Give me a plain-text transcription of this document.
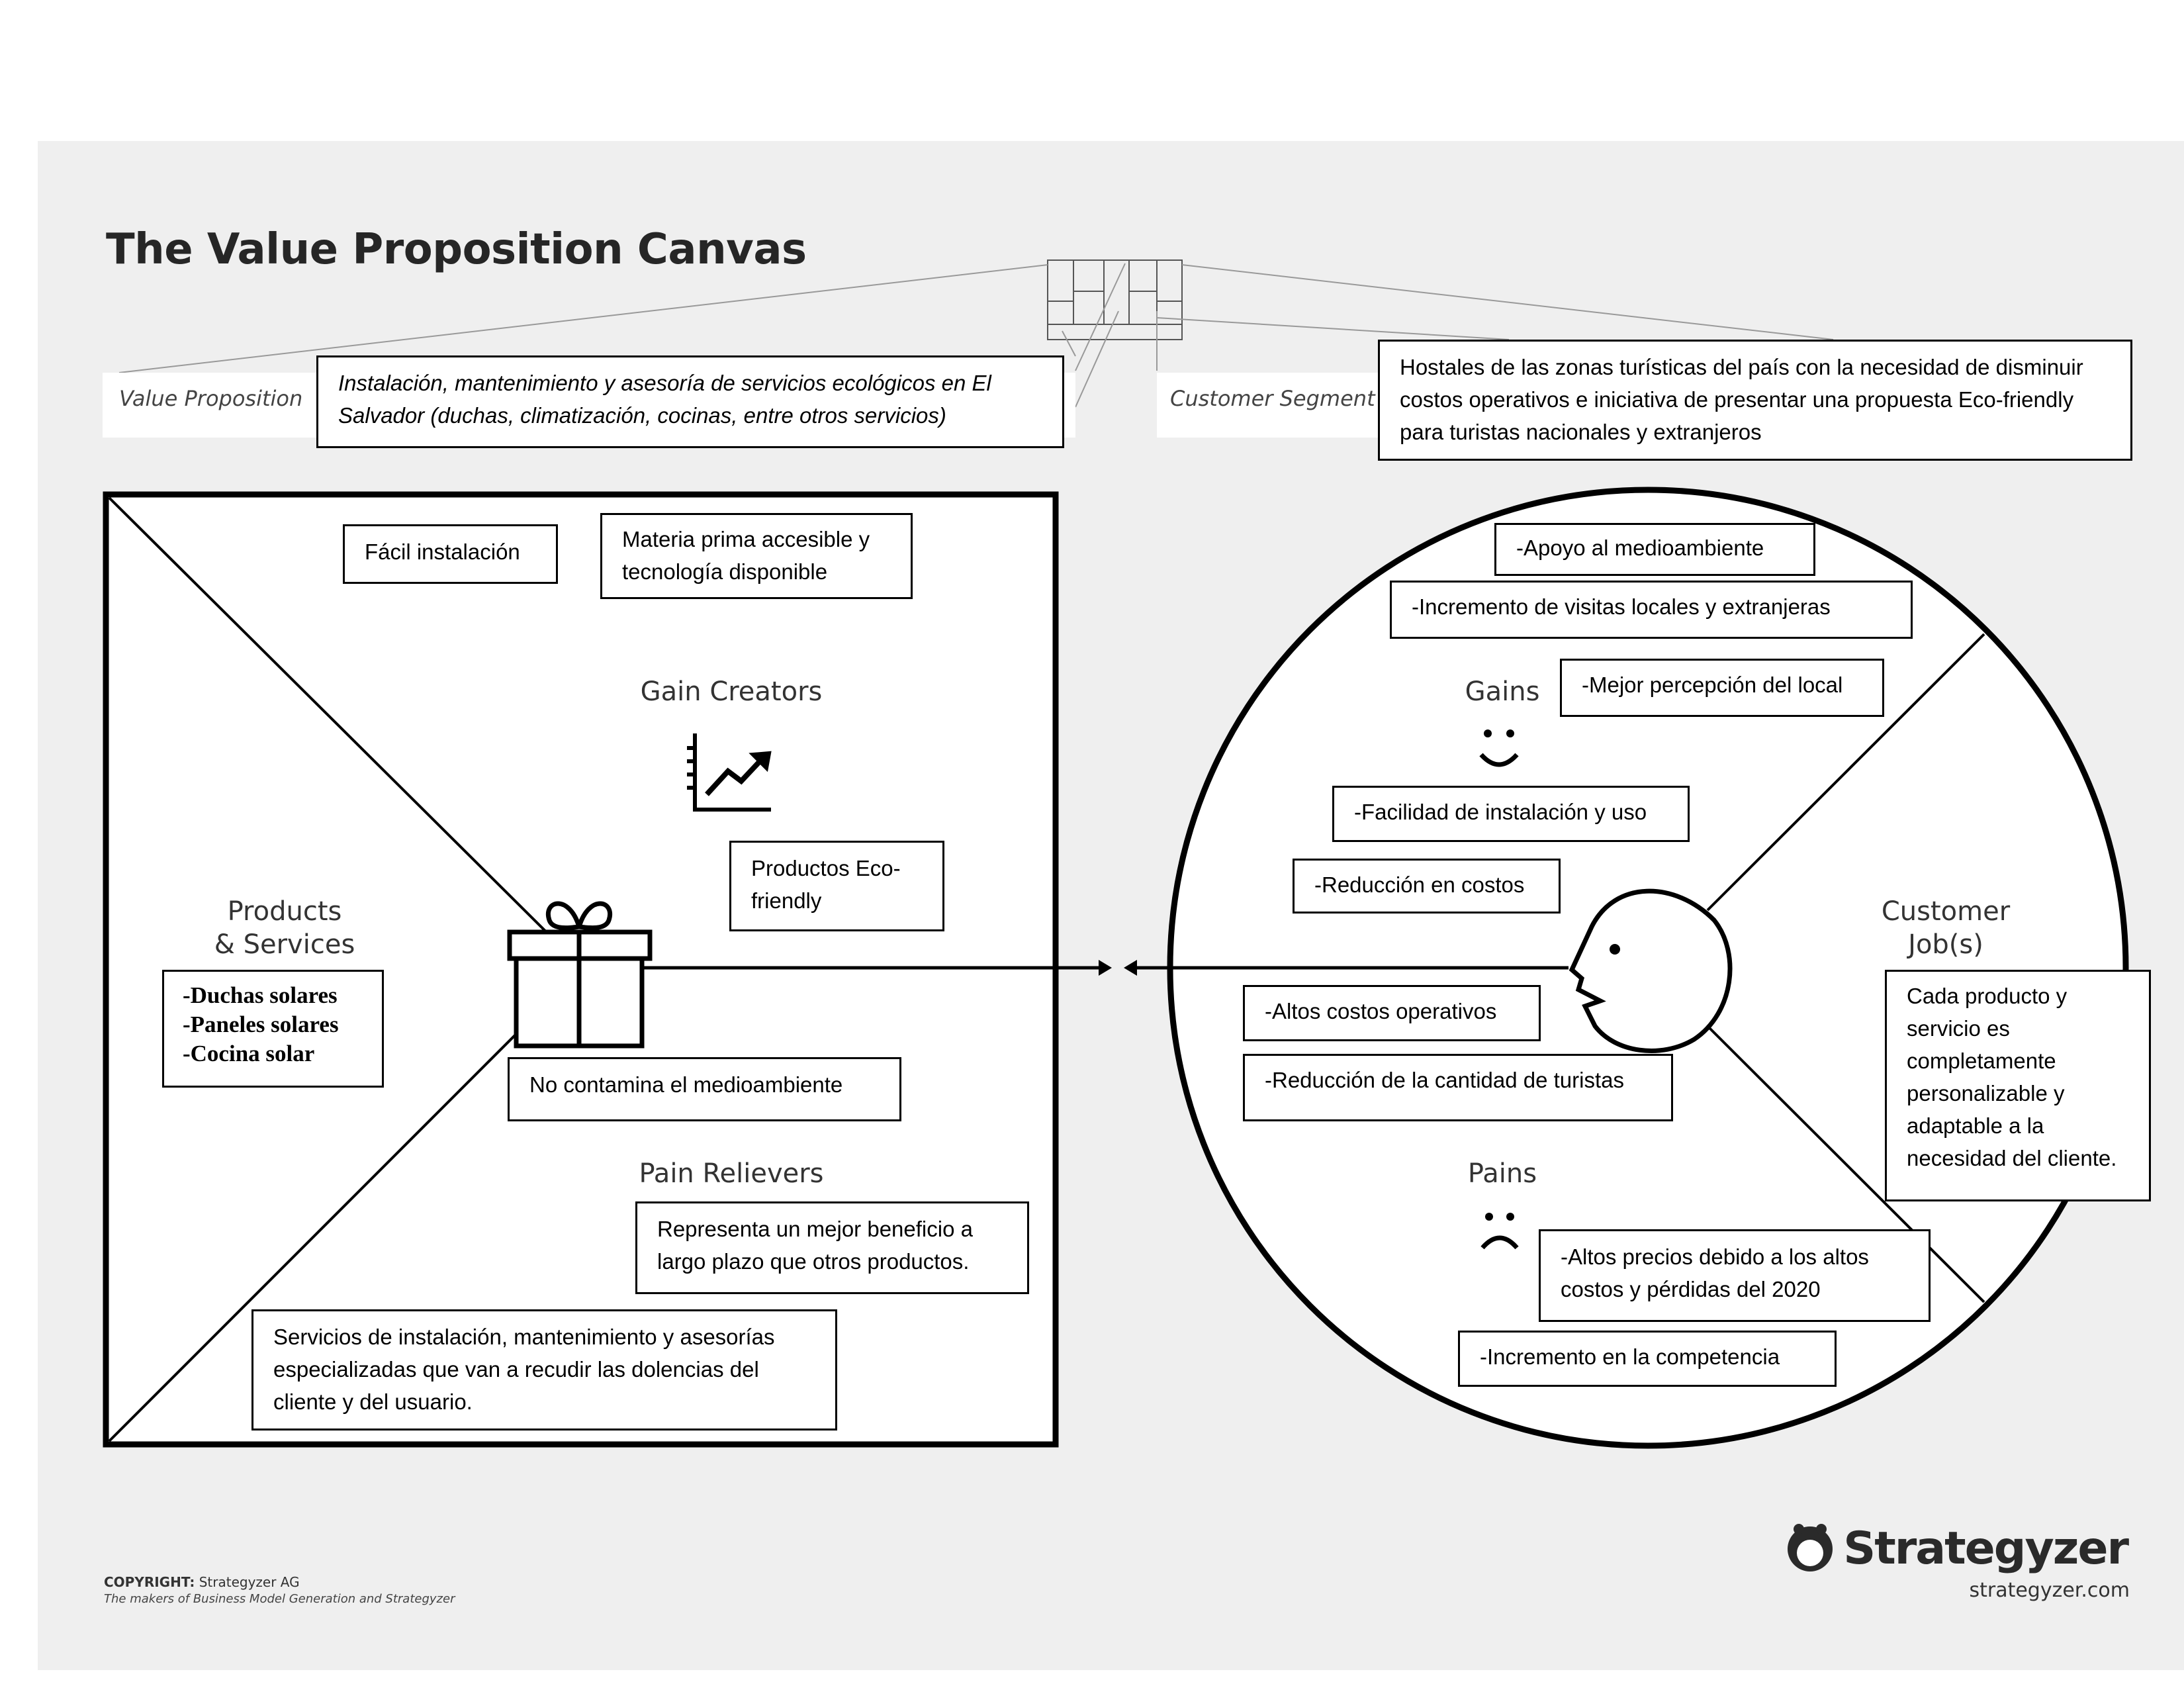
The Value Proposition Canvas
Value Proposition
Instalación, mantenimiento y asesoría de servicios ecológicos en El Salvador (duchas, climatización, cocinas, entre otros servicios)
Customer Segment
Hostales de las zonas turísticas del país con la necesidad de disminuir costos operativos e iniciativa de presentar una propuesta Eco-friendly para turistas nacionales y extranjeros
Gain Creators
Products
& Services
Pain Relievers
Gains
Pains
Customer
Job(s)
Fácil instalación
Materia prima accesible y tecnología disponible
Productos Eco-friendly
-Duchas solares
-Paneles solares
-Cocina solar
No contamina el medioambiente
Representa un mejor beneficio a largo plazo que otros productos.
Servicios de instalación, mantenimiento y asesorías especializadas que van a recudir las dolencias del cliente y del usuario.
-Apoyo al medioambiente
-Incremento de visitas locales y extranjeras
-Mejor percepción del local
-Facilidad de instalación y uso
-Reducción en costos
-Altos costos operativos
-Reducción de la cantidad de turistas
-Altos precios debido a los altos costos y pérdidas del 2020
-Incremento en la competencia
Cada producto y servicio es completamente personalizable y adaptable a la necesidad del cliente.
COPYRIGHT: Strategyzer AG
The makers of Business Model Generation and Strategyzer
Strategyzer
strategyzer.com
